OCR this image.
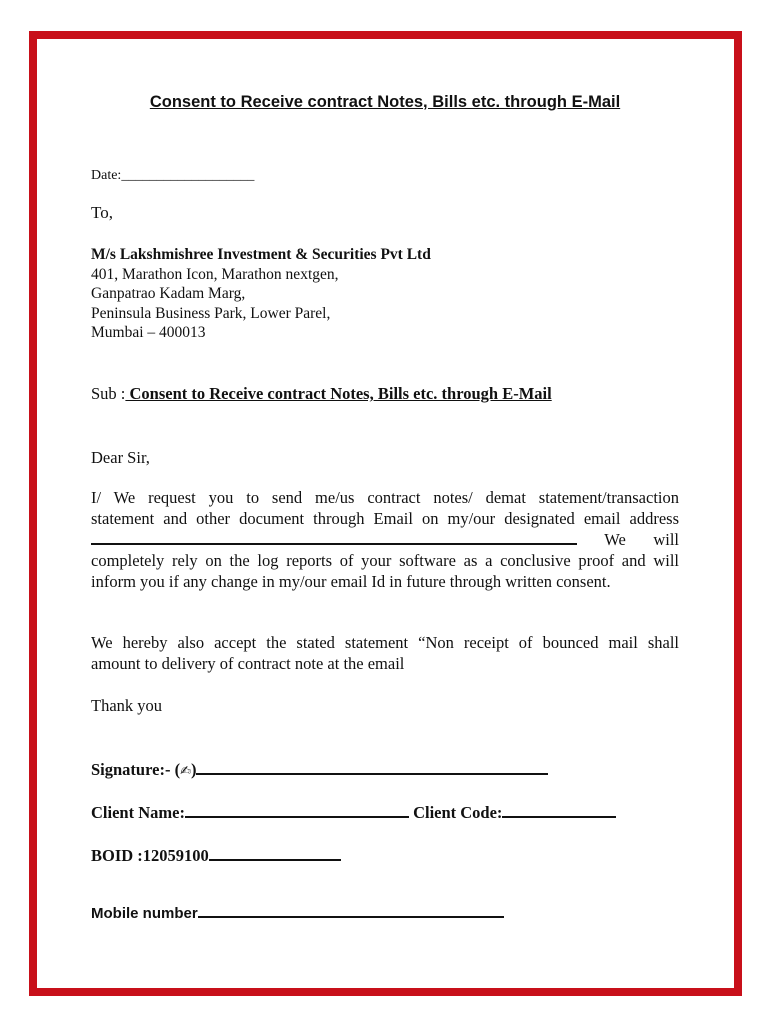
Consent to Receive contract Notes, Bills etc. through E-Mail
Date:___________________
To,
M/s Lakshmishree Investment & Securities Pvt Ltd
401, Marathon Icon, Marathon nextgen,
Ganpatrao Kadam Marg,
Peninsula Business Park, Lower Parel,
Mumbai – 400013
Sub : Consent to Receive contract Notes, Bills etc. through E-Mail
Dear Sir,
I/ We request you to send me/us contract notes/ demat statement/transaction
statement and other document through Email on my/our designated email address
We will
completely rely on the log reports of your software as a conclusive proof and will
inform you if any change in my/our email Id in future through written consent.
We hereby also accept the stated statement “Non receipt of bounced mail shall
amount to delivery of contract note at the email
Thank you
Signature:- (✍)
Client Name:	Client Code:
BOID :12059100
Mobile number
